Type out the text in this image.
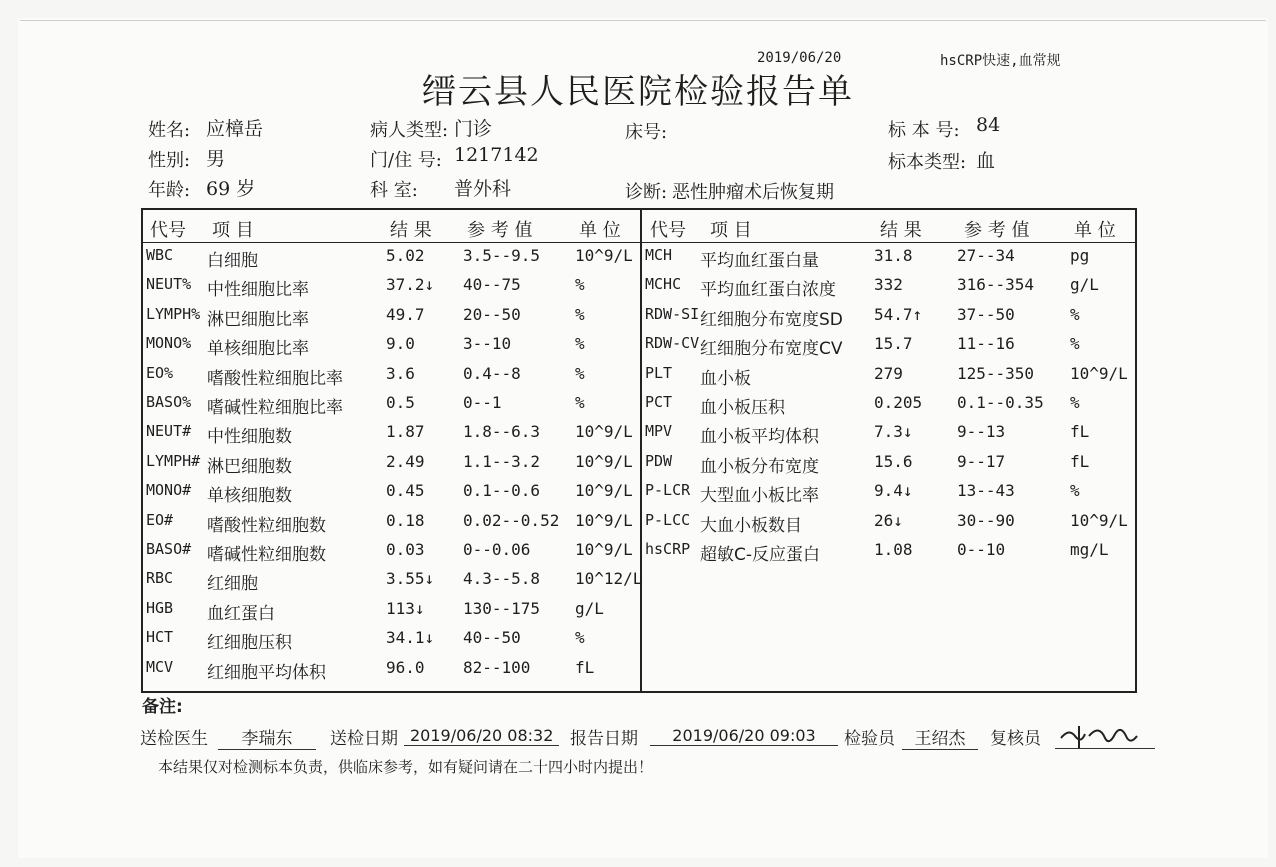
2019/06/20	hsCRP快速,血常规
缙云县人民医院检验报告单
姓名: 应樟岳
性别: 男
年龄: 69 岁
病人类型: 门诊
门/住 号: 1217142
科 室: 普外科
床号:
诊断: 恶性肿瘤术后恢复期
标 本 号: 84
标本类型: 血
代号 项 目	结 果 参 考 值	单 位 代号 项 目	结 果 参 考 值 单 位
WBC 白细胞	5.02 3.5--9.5 10^9/L
NEUT% 中性细胞比率	37.2↓ 40--75	%
LYMPH% 淋巴细胞比率	49.7 20--50	%
MONO% 单核细胞比率	9.0	3--10	%
EO% 嗜酸性粒细胞比率	3.6	0.4--8	%
BASO% 嗜碱性粒细胞比率	0.5	0--1	%
NEUT# 中性细胞数	1.87 1.8--6.3 10^9/L
LYMPH# 淋巴细胞数	2.49 1.1--3.2 10^9/L
MONO# 单核细胞数	0.45 0.1--0.6 10^9/L
EO# 嗜酸性粒细胞数	0.18 0.02--0.52 10^9/L
BASO# 嗜碱性粒细胞数	0.03 0--0.06	10^9/L
RBC 红细胞	3.55↓ 4.3--5.8 10^12/L
HGB 血红蛋白	113↓ 130--175 g/L
HCT 红细胞压积	34.1↓ 40--50	%
MCV 红细胞平均体积	96.0 82--100	fL
MCH 平均血红蛋白量	31.8	27--34	pg
MCHC 平均血红蛋白浓度 332	316--354 g/L
RDW-SI 红细胞分布宽度SD 54.7↑ 37--50	%
RDW-CV 红细胞分布宽度CV 15.7	11--16	%
PLT 血小板	279	125--350 10^9/L
PCT 血小板压积	0.205 0.1--0.35 %
MPV 血小板平均体积	7.3↓	9--13	fL
PDW 血小板分布宽度	15.6	9--17	fL
P-LCR 大型血小板比率	9.4↓	13--43	%
P-LCC 大血小板数目	26↓	30--90	10^9/L
hsCRP 超敏C-反应蛋白	1.08	0--10	mg/L
备注:
送检医生	李瑞东	送检日期 2019/06/20 08:32 报告日期	2019/06/20 09:03	检验员	王绍杰	复核员
本结果仅对检测标本负责，供临床参考，如有疑问请在二十四小时内提出！
